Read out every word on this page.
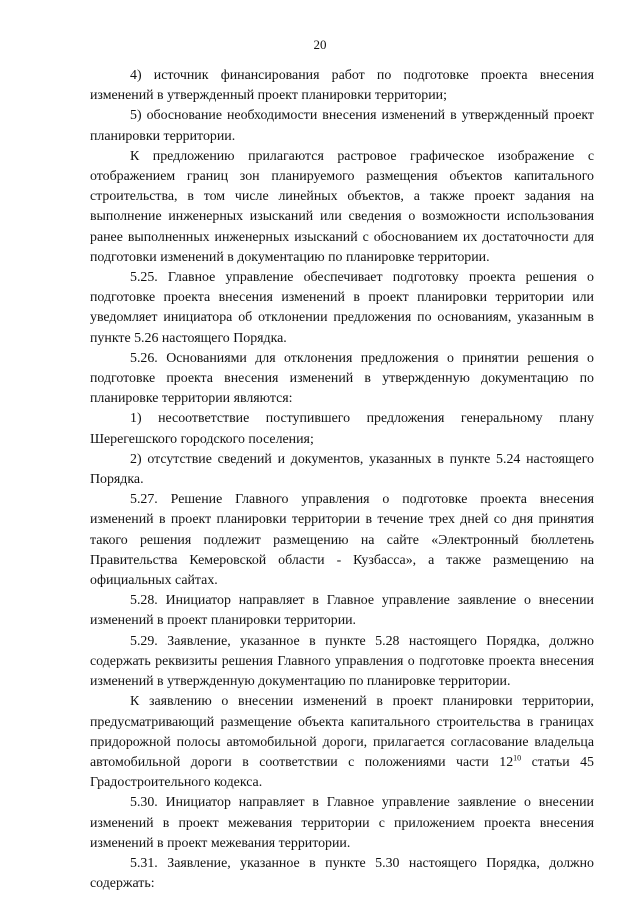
20

4) источник финансирования работ по подготовке проекта внесения изменений в утвержденный проект планировки территории;

5) обоснование необходимости внесения изменений в утвержденный проект планировки территории.

К предложению прилагаются растровое графическое изображение с отображением границ зон планируемого размещения объектов капитального строительства, в том числе линейных объектов, а также проект задания на выполнение инженерных изысканий или сведения о возможности использования ранее выполненных инженерных изысканий с обоснованием их достаточности для подготовки изменений в документацию по планировке территории.

5.25. Главное управление обеспечивает подготовку проекта решения о подготовке проекта внесения изменений в проект планировки территории или уведомляет инициатора об отклонении предложения по основаниям, указанным в пункте 5.26 настоящего Порядка.

5.26. Основаниями для отклонения предложения о принятии решения о подготовке проекта внесения изменений в утвержденную документацию по планировке территории являются:

1) несоответствие поступившего предложения генеральному плану Шерегешского городского поселения;

2) отсутствие сведений и документов, указанных в пункте 5.24 настоящего Порядка.

5.27. Решение Главного управления о подготовке проекта внесения изменений в проект планировки территории в течение трех дней со дня принятия такого решения подлежит размещению на сайте «Электронный бюллетень Правительства Кемеровской области - Кузбасса», а также размещению на официальных сайтах.

5.28. Инициатор направляет в Главное управление заявление о внесении изменений в проект планировки территории.

5.29. Заявление, указанное в пункте 5.28 настоящего Порядка, должно содержать реквизиты решения Главного управления о подготовке проекта внесения изменений в утвержденную документацию по планировке территории.

К заявлению о внесении изменений в проект планировки территории, предусматривающий размещение объекта капитального строительства в границах придорожной полосы автомобильной дороги, прилагается согласование владельца автомобильной дороги в соответствии с положениями части $12^{10}$ статьи 45 Градостроительного кодекса.

5.30. Инициатор направляет в Главное управление заявление о внесении изменений в проект межевания территории с приложением проекта внесения изменений в проект межевания территории.

5.31. Заявление, указанное в пункте 5.30 настоящего Порядка, должно содержать:
